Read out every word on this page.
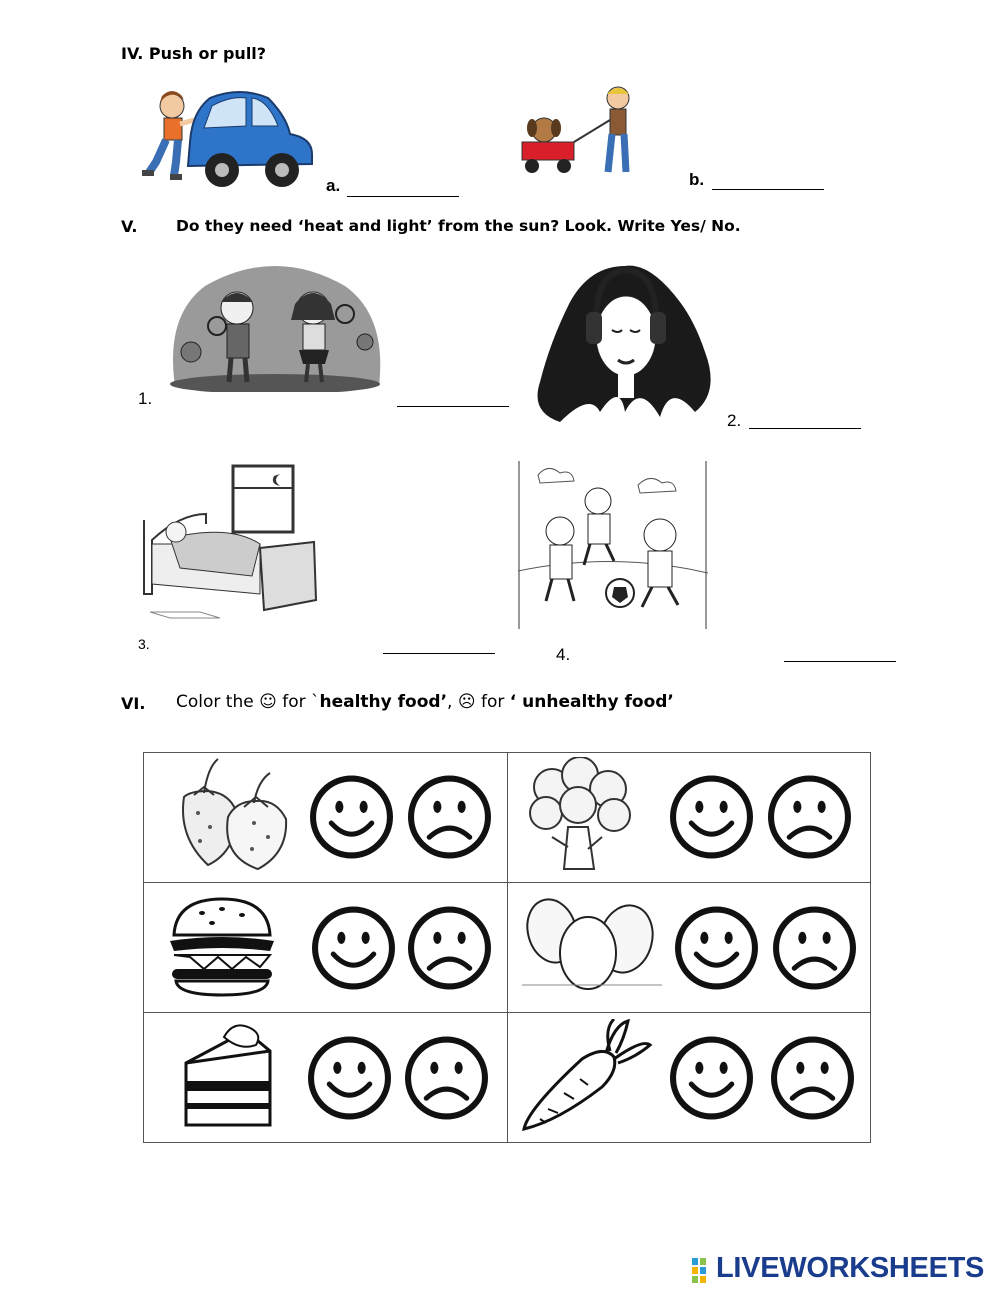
IV. Push or pull?
a.	b.
V. Do they need ‘heat and light’ from the sun? Look. Write Yes/ No.
1.
2.
3.
4.
VI. Color the ☺ for `healthy food’, ☹ for ‘ unhealthy food’

LIVEWORKSHEETS
